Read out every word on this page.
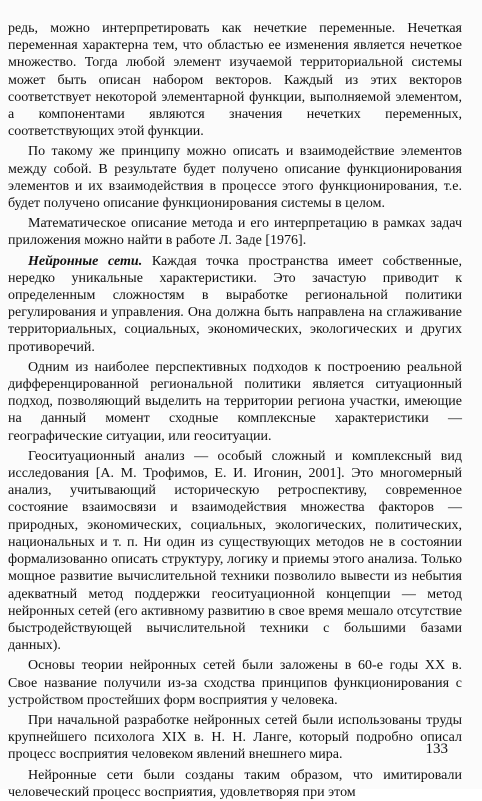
редь, можно интерпретировать как нечеткие переменные. Нечеткая переменная характерна тем, что областью ее изменения является нечеткое множество. Тогда любой элемент изучаемой территориальной системы может быть описан набором векторов. Каждый из этих векторов соответствует некоторой элементарной функции, выполняемой элементом, а компонентами являются значения нечетких переменных, соответствующих этой функции.

По такому же принципу можно описать и взаимодействие элементов между собой. В результате будет получено описание функционирования элементов и их взаимодействия в процессе этого функционирования, т.е. будет получено описание функционирования системы в целом.

Математическое описание метода и его интерпретацию в рамках задач приложения можно найти в работе Л. Заде [1976].

Нейронные сети. Каждая точка пространства имеет собственные, нередко уникальные характеристики. Это зачастую приводит к определенным сложностям в выработке региональной политики регулирования и управления. Она должна быть направлена на сглаживание территориальных, социальных, экономических, экологических и других противоречий.

Одним из наиболее перспективных подходов к построению реальной дифференцированной региональной политики является ситуационный подход, позволяющий выделить на территории региона участки, имеющие на данный момент сходные комплексные характеристики — географические ситуации, или геоситуации.

Геоситуационный анализ — особый сложный и комплексный вид исследования [А. М. Трофимов, Е. И. Игонин, 2001]. Это многомерный анализ, учитывающий историческую ретроспективу, современное состояние взаимосвязи и взаимодействия множества факторов — природных, экономических, социальных, экологических, политических, национальных и т. п. Ни один из существующих методов не в состоянии формализованно описать структуру, логику и приемы этого анализа. Только мощное развитие вычислительной техники позволило вывести из небытия адекватный метод поддержки геоситуационной концепции — метод нейронных сетей (его активному развитию в свое время мешало отсутствие быстродействующей вычислительной техники с большими базами данных).

Основы теории нейронных сетей были заложены в 60-е годы XX в. Свое название получили из-за сходства принципов функционирования с устройством простейших форм восприятия у человека.

При начальной разработке нейронных сетей были использованы труды крупнейшего психолога XIX в. Н. Н. Ланге, который подробно описал процесс восприятия человеком явлений внешнего мира.

Нейронные сети были созданы таким образом, что имитировали человеческий процесс восприятия, удовлетворяя при этом

133
